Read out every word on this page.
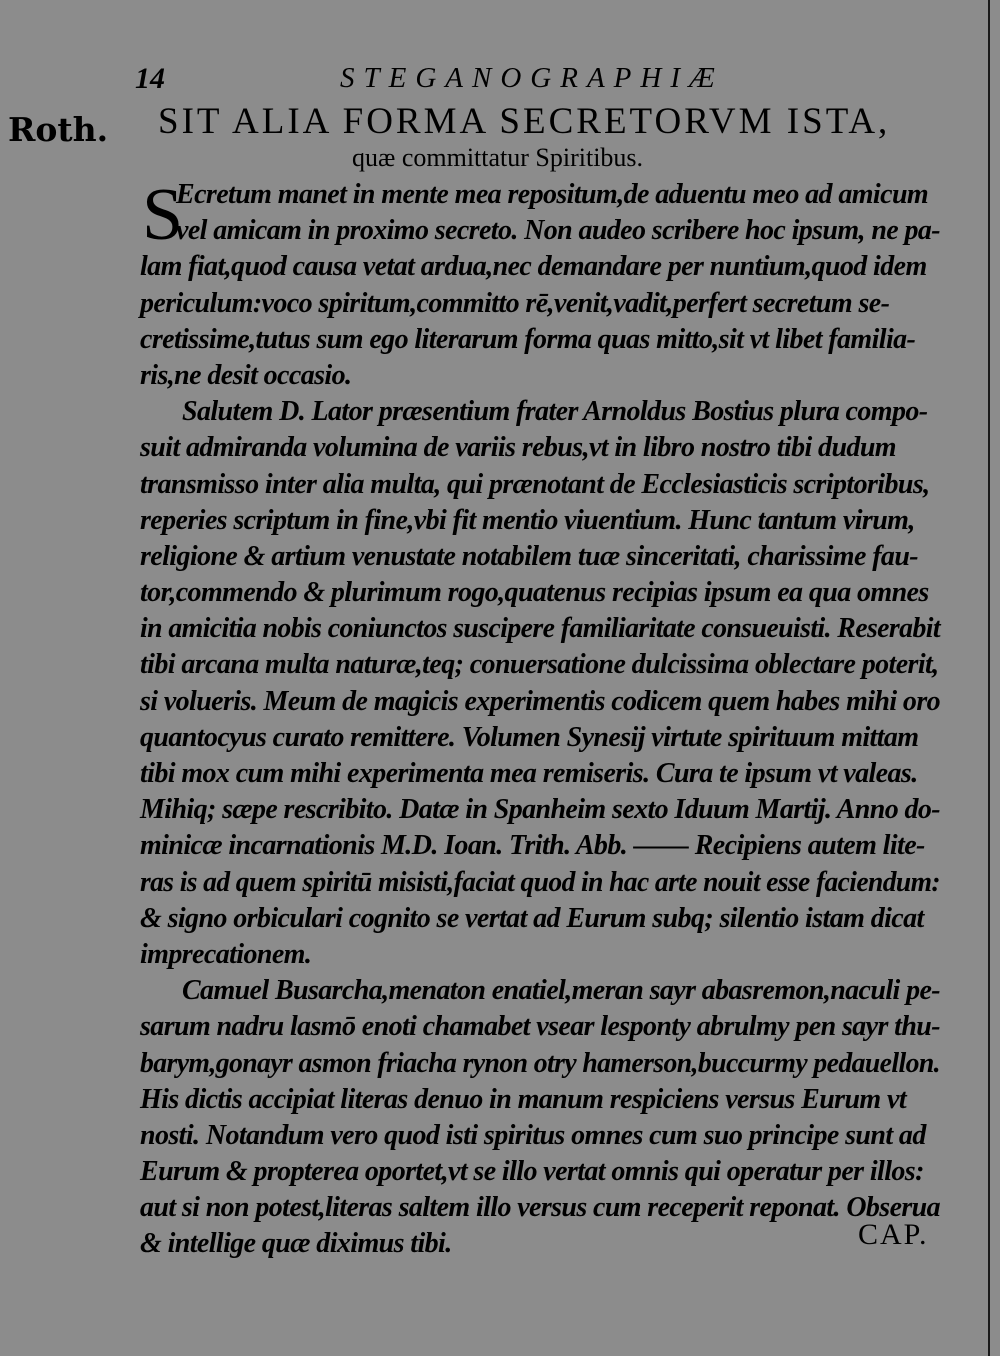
14	STEGANOGRAPHIÆ
Roth. SIT ALIA FORMA SECRETORVM ISTA,
quæ committatur Spiritibus.
S
Ecretum manet in mente mea repositum,de aduentu meo ad amicum
vel amicam in proximo secreto. Non audeo scribere hoc ipsum, ne pa-
lam fiat,quod causa vetat ardua,nec demandare per nuntium,quod idem
periculum:voco spiritum,committo rē,venit,vadit,perfert secretum se-
cretissime,tutus sum ego literarum forma quas mitto,sit vt libet familia-
ris,ne desit occasio.
Salutem D. Lator præsentium frater Arnoldus Bostius plura compo-
suit admiranda volumina de variis rebus,vt in libro nostro tibi dudum
transmisso inter alia multa, qui prænotant de Ecclesiasticis scriptoribus,
reperies scriptum in fine,vbi fit mentio viuentium. Hunc tantum virum,
religione & artium venustate notabilem tuæ sinceritati, charissime fau-
tor,commendo & plurimum rogo,quatenus recipias ipsum ea qua omnes
in amicitia nobis coniunctos suscipere familiaritate consueuisti. Reserabit
tibi arcana multa naturæ,teq; conuersatione dulcissima oblectare poterit,
si volueris. Meum de magicis experimentis codicem quem habes mihi oro
quantocyus curato remittere. Volumen Synesij virtute spirituum mittam
tibi mox cum mihi experimenta mea remiseris. Cura te ipsum vt valeas.
Mihiq; sæpe rescribito. Datæ in Spanheim sexto Iduum Martij. Anno do-
minicæ incarnationis M.D. Ioan. Trith. Abb. —— Recipiens autem lite-
ras is ad quem spiritū misisti,faciat quod in hac arte nouit esse faciendum:
& signo orbiculari cognito se vertat ad Eurum subq; silentio istam dicat
imprecationem.
Camuel Busarcha,menaton enatiel,meran sayr abasremon,naculi pe-
sarum nadru lasmō enoti chamabet vsear lesponty abrulmy pen sayr thu-
barym,gonayr asmon friacha rynon otry hamerson,buccurmy pedauellon.
His dictis accipiat literas denuo in manum respiciens versus Eurum vt
nosti. Notandum vero quod isti spiritus omnes cum suo principe sunt ad
Eurum & propterea oportet,vt se illo vertat omnis qui operatur per illos:
aut si non potest,literas saltem illo versus cum receperit reponat. Obserua
& intellige quæ diximus tibi.	CAP.
